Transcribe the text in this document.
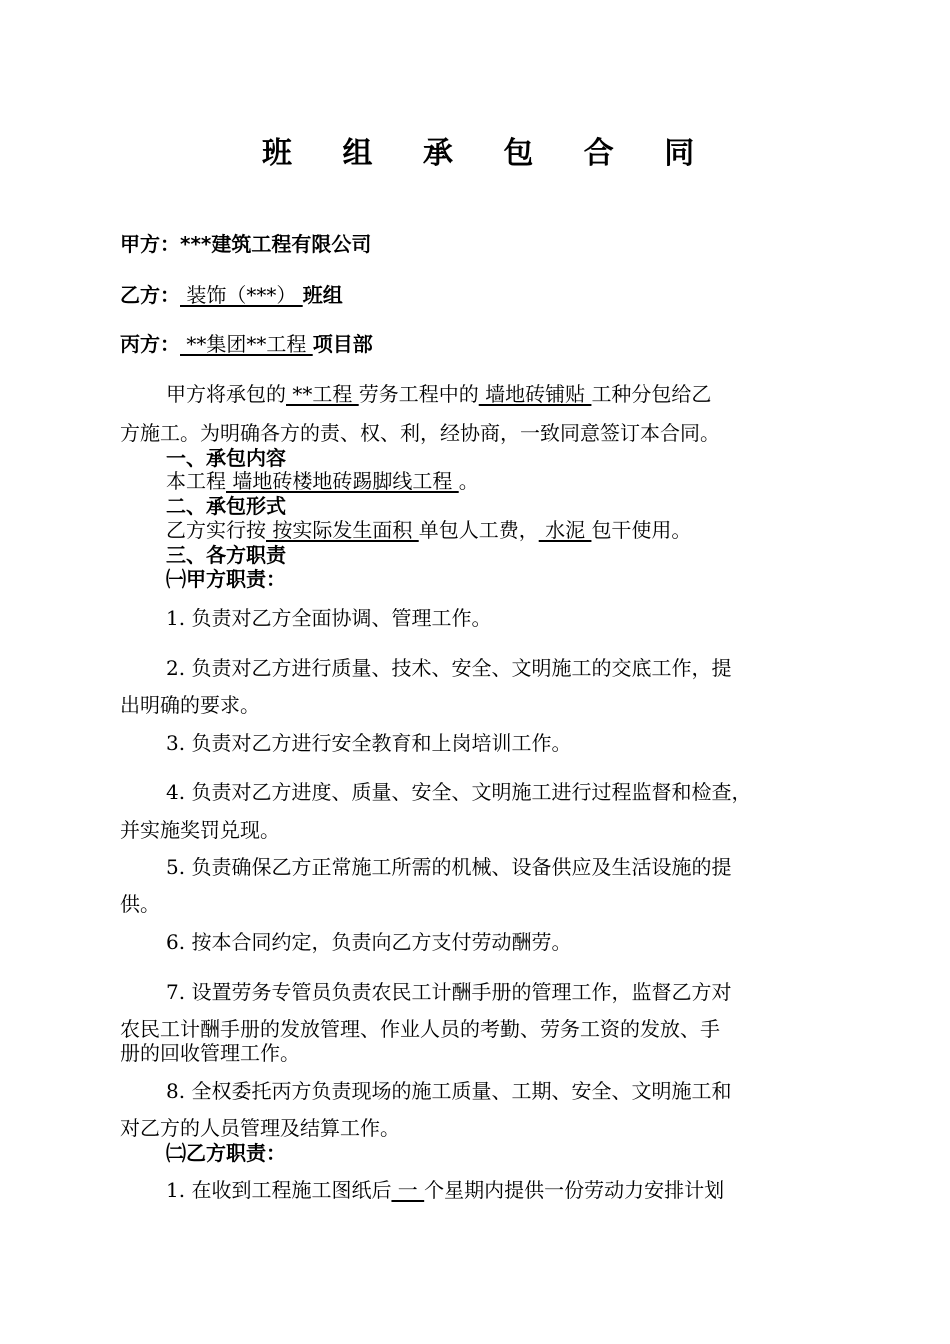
班 组 承 包 合 同
甲方：***建筑工程有限公司
乙方： 装饰（***） 班组
丙方： **集团**工程 项目部
甲方将承包的 **工程 劳务工程中的 墙地砖铺贴 工种分包给乙
方施工。为明确各方的责、权、利，经协商，一致同意签订本合同。
一、承包内容
本工程 墙地砖楼地砖踢脚线工程 。
二、承包形式
乙方实行按 按实际发生面积 单包人工费， 水泥 包干使用。
三、各方职责
㈠甲方职责：
1. 负责对乙方全面协调、管理工作。
2. 负责对乙方进行质量、技术、安全、文明施工的交底工作，提
出明确的要求。
3. 负责对乙方进行安全教育和上岗培训工作。
4. 负责对乙方进度、质量、安全、文明施工进行过程监督和检查，
并实施奖罚兑现。
5. 负责确保乙方正常施工所需的机械、设备供应及生活设施的提
供。
6. 按本合同约定，负责向乙方支付劳动酬劳。
7. 设置劳务专管员负责农民工计酬手册的管理工作，监督乙方对
农民工计酬手册的发放管理、作业人员的考勤、劳务工资的发放、手
册的回收管理工作。
8. 全权委托丙方负责现场的施工质量、工期、安全、文明施工和
对乙方的人员管理及结算工作。
㈡乙方职责：
1. 在收到工程施工图纸后 一 个星期内提供一份劳动力安排计划
